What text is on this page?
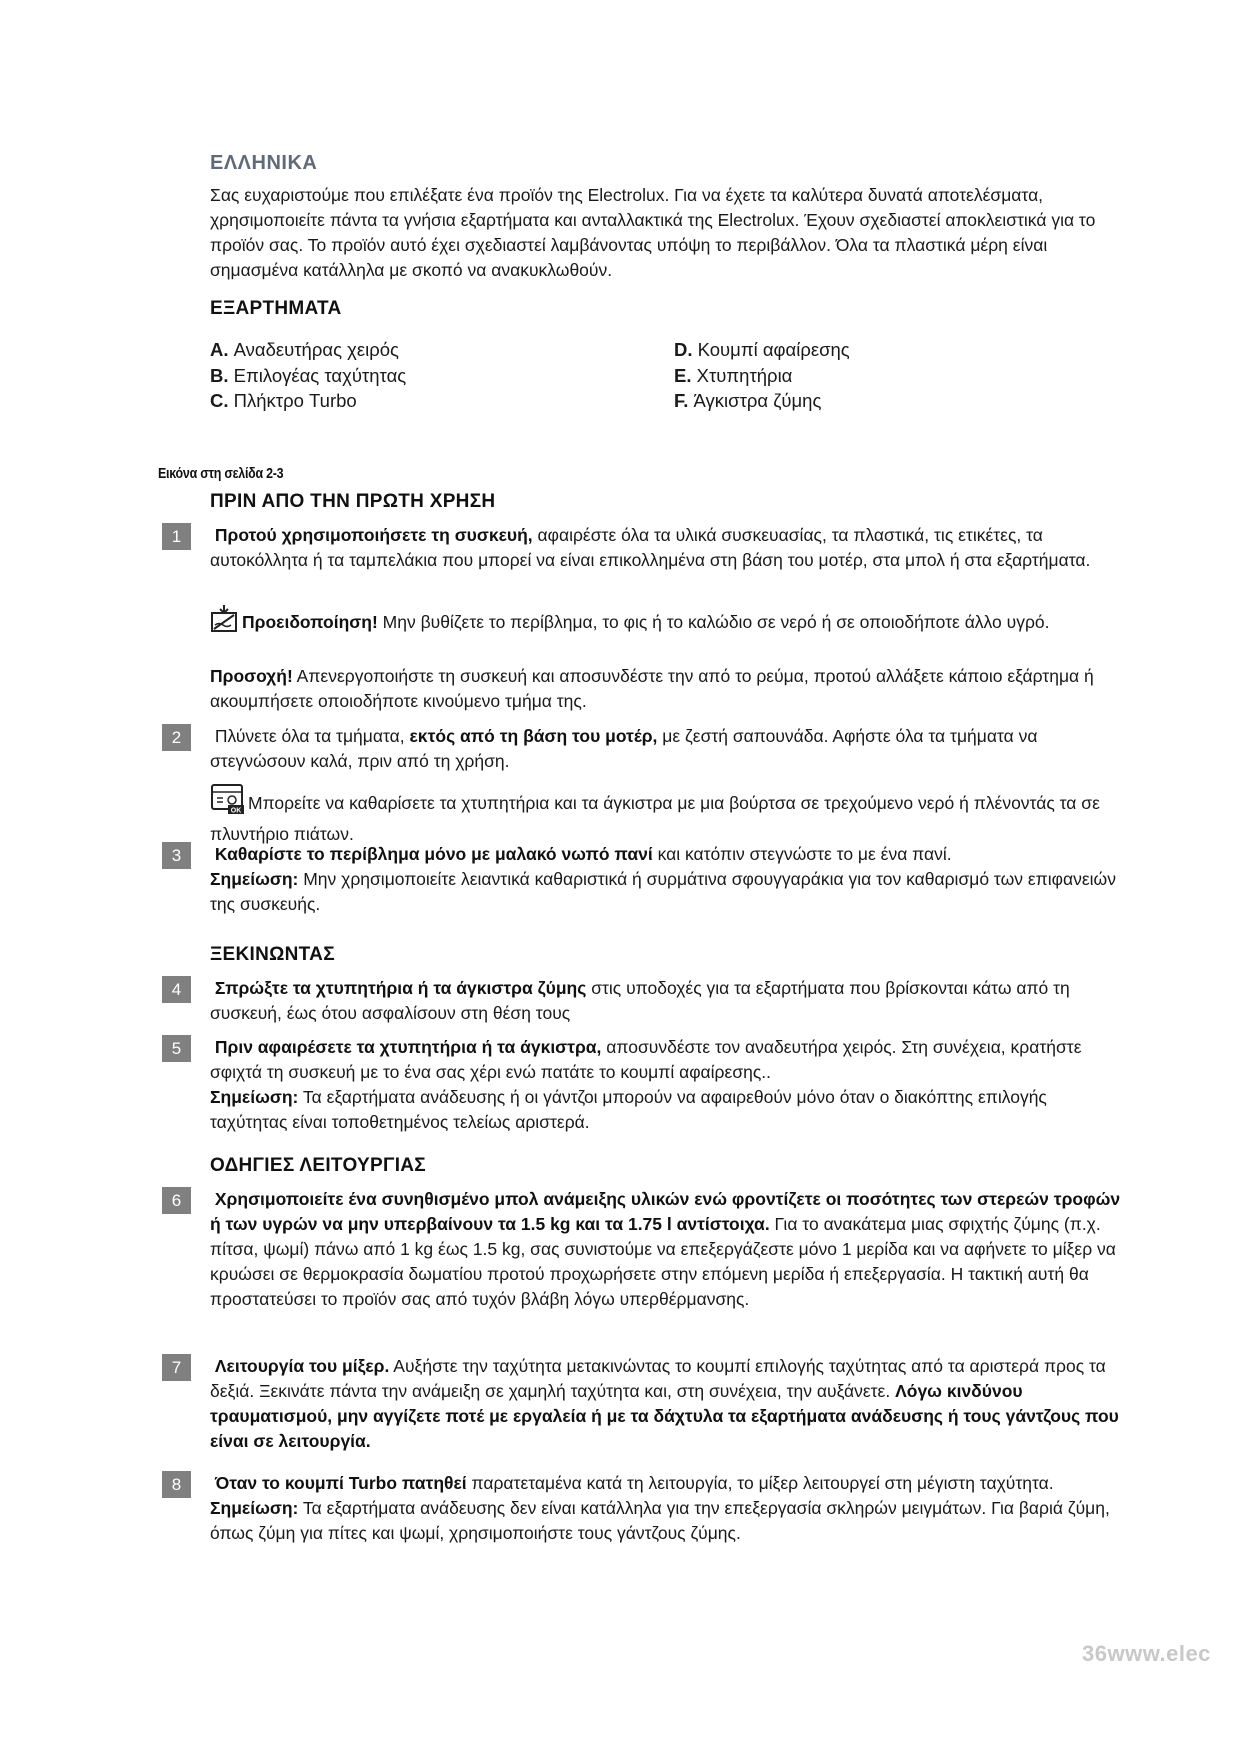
ΕΛΛΗΝΙΚΑ
Σας ευχαριστούμε που επιλέξατε ένα προϊόν της Electrolux. Για να έχετε τα καλύτερα δυνατά αποτελέσματα, χρησιμοποιείτε πάντα τα γνήσια εξαρτήματα και ανταλλακτικά της Electrolux. Έχουν σχεδιαστεί αποκλειστικά για το προϊόν σας. Το προϊόν αυτό έχει σχεδιαστεί λαμβάνοντας υπόψη το περιβάλλον. Όλα τα πλαστικά μέρη είναι σημασμένα κατάλληλα με σκοπό να ανακυκλωθούν.
ΕΞΑΡΤΗΜΑΤΑ
A. Αναδευτήρας χειρός
B. Επιλογέας ταχύτητας
C. Πλήκτρο Turbo
D. Κουμπί αφαίρεσης
E. Χτυπητήρια
F. Άγκιστρα ζύμης
Εικόνα στη σελίδα 2-3
ΠΡΙΝ ΑΠΟ ΤΗΝ ΠΡΩΤΗ ΧΡΗΣΗ
1	Προτού χρησιμοποιήσετε τη συσκευή, αφαιρέστε όλα τα υλικά συσκευασίας, τα πλαστικά, τις ετικέτες, τα αυτοκόλλητα ή τα ταμπελάκια που μπορεί να είναι επικολλημένα στη βάση του μοτέρ, στα μπολ ή στα εξαρτήματα.
Προειδοποίηση! Μην βυθίζετε το περίβλημα, το φις ή το καλώδιο σε νερό ή σε οποιοδήποτε άλλο υγρό.
Προσοχή! Απενεργοποιήστε τη συσκευή και αποσυνδέστε την από το ρεύμα, προτού αλλάξετε κάποιο εξάρτημα ή ακουμπήσετε οποιοδήποτε κινούμενο τμήμα της.
2	Πλύνετε όλα τα τμήματα, εκτός από τη βάση του μοτέρ, με ζεστή σαπουνάδα. Αφήστε όλα τα τμήματα να στεγνώσουν καλά, πριν από τη χρήση.
OK Μπορείτε να καθαρίσετε τα χτυπητήρια και τα άγκιστρα με μια βούρτσα σε τρεχούμενο νερό ή πλένοντάς τα σε πλυντήριο πιάτων.
3	Καθαρίστε το περίβλημα μόνο με μαλακό νωπό πανί και κατόπιν στεγνώστε το με ένα πανί.
Σημείωση: Μην χρησιμοποιείτε λειαντικά καθαριστικά ή συρμάτινα σφουγγαράκια για τον καθαρισμό των επιφανειών της συσκευής.
ΞΕΚΙΝΩΝΤΑΣ
4	Σπρώξτε τα χτυπητήρια ή τα άγκιστρα ζύμης στις υποδοχές για τα εξαρτήματα που βρίσκονται κάτω από τη συσκευή, έως ότου ασφαλίσουν στη θέση τους
5	Πριν αφαιρέσετε τα χτυπητήρια ή τα άγκιστρα, αποσυνδέστε τον αναδευτήρα χειρός. Στη συνέχεια, κρατήστε σφιχτά τη συσκευή με το ένα σας χέρι ενώ πατάτε το κουμπί αφαίρεσης..
Σημείωση: Τα εξαρτήματα ανάδευσης ή οι γάντζοι μπορούν να αφαιρεθούν μόνο όταν ο διακόπτης επιλογής ταχύτητας είναι τοποθετημένος τελείως αριστερά.
ΟΔΗΓΙΕΣ ΛΕΙΤΟΥΡΓΙΑΣ
6	Χρησιμοποιείτε ένα συνηθισμένο μπολ ανάμειξης υλικών ενώ φροντίζετε οι ποσότητες των στερεών τροφών ή των υγρών να μην υπερβαίνουν τα 1.5 kg και τα 1.75 l αντίστοιχα. Για το ανακάτεμα μιας σφιχτής ζύμης (π.χ. πίτσα, ψωμί) πάνω από 1 kg έως 1.5 kg, σας συνιστούμε να επεξεργάζεστε μόνο 1 μερίδα και να αφήνετε το μίξερ να κρυώσει σε θερμοκρασία δωματίου προτού προχωρήσετε στην επόμενη μερίδα ή επεξεργασία. Η τακτική αυτή θα προστατεύσει το προϊόν σας από τυχόν βλάβη λόγω υπερθέρμανσης.
7	Λειτουργία του μίξερ. Αυξήστε την ταχύτητα μετακινώντας το κουμπί επιλογής ταχύτητας από τα αριστερά προς τα δεξιά. Ξεκινάτε πάντα την ανάμειξη σε χαμηλή ταχύτητα και, στη συνέχεια, την αυξάνετε. Λόγω κινδύνου τραυματισμού, μην αγγίζετε ποτέ με εργαλεία ή με τα δάχτυλα τα εξαρτήματα ανάδευσης ή τους γάντζους που είναι σε λειτουργία.
8	Όταν το κουμπί Turbo πατηθεί παρατεταμένα κατά τη λειτουργία, το μίξερ λειτουργεί στη μέγιστη ταχύτητα.
Σημείωση: Τα εξαρτήματα ανάδευσης δεν είναι κατάλληλα για την επεξεργασία σκληρών μειγμάτων. Για βαριά ζύμη, όπως ζύμη για πίτες και ψωμί, χρησιμοποιήστε τους γάντζους ζύμης.
36www.elec
